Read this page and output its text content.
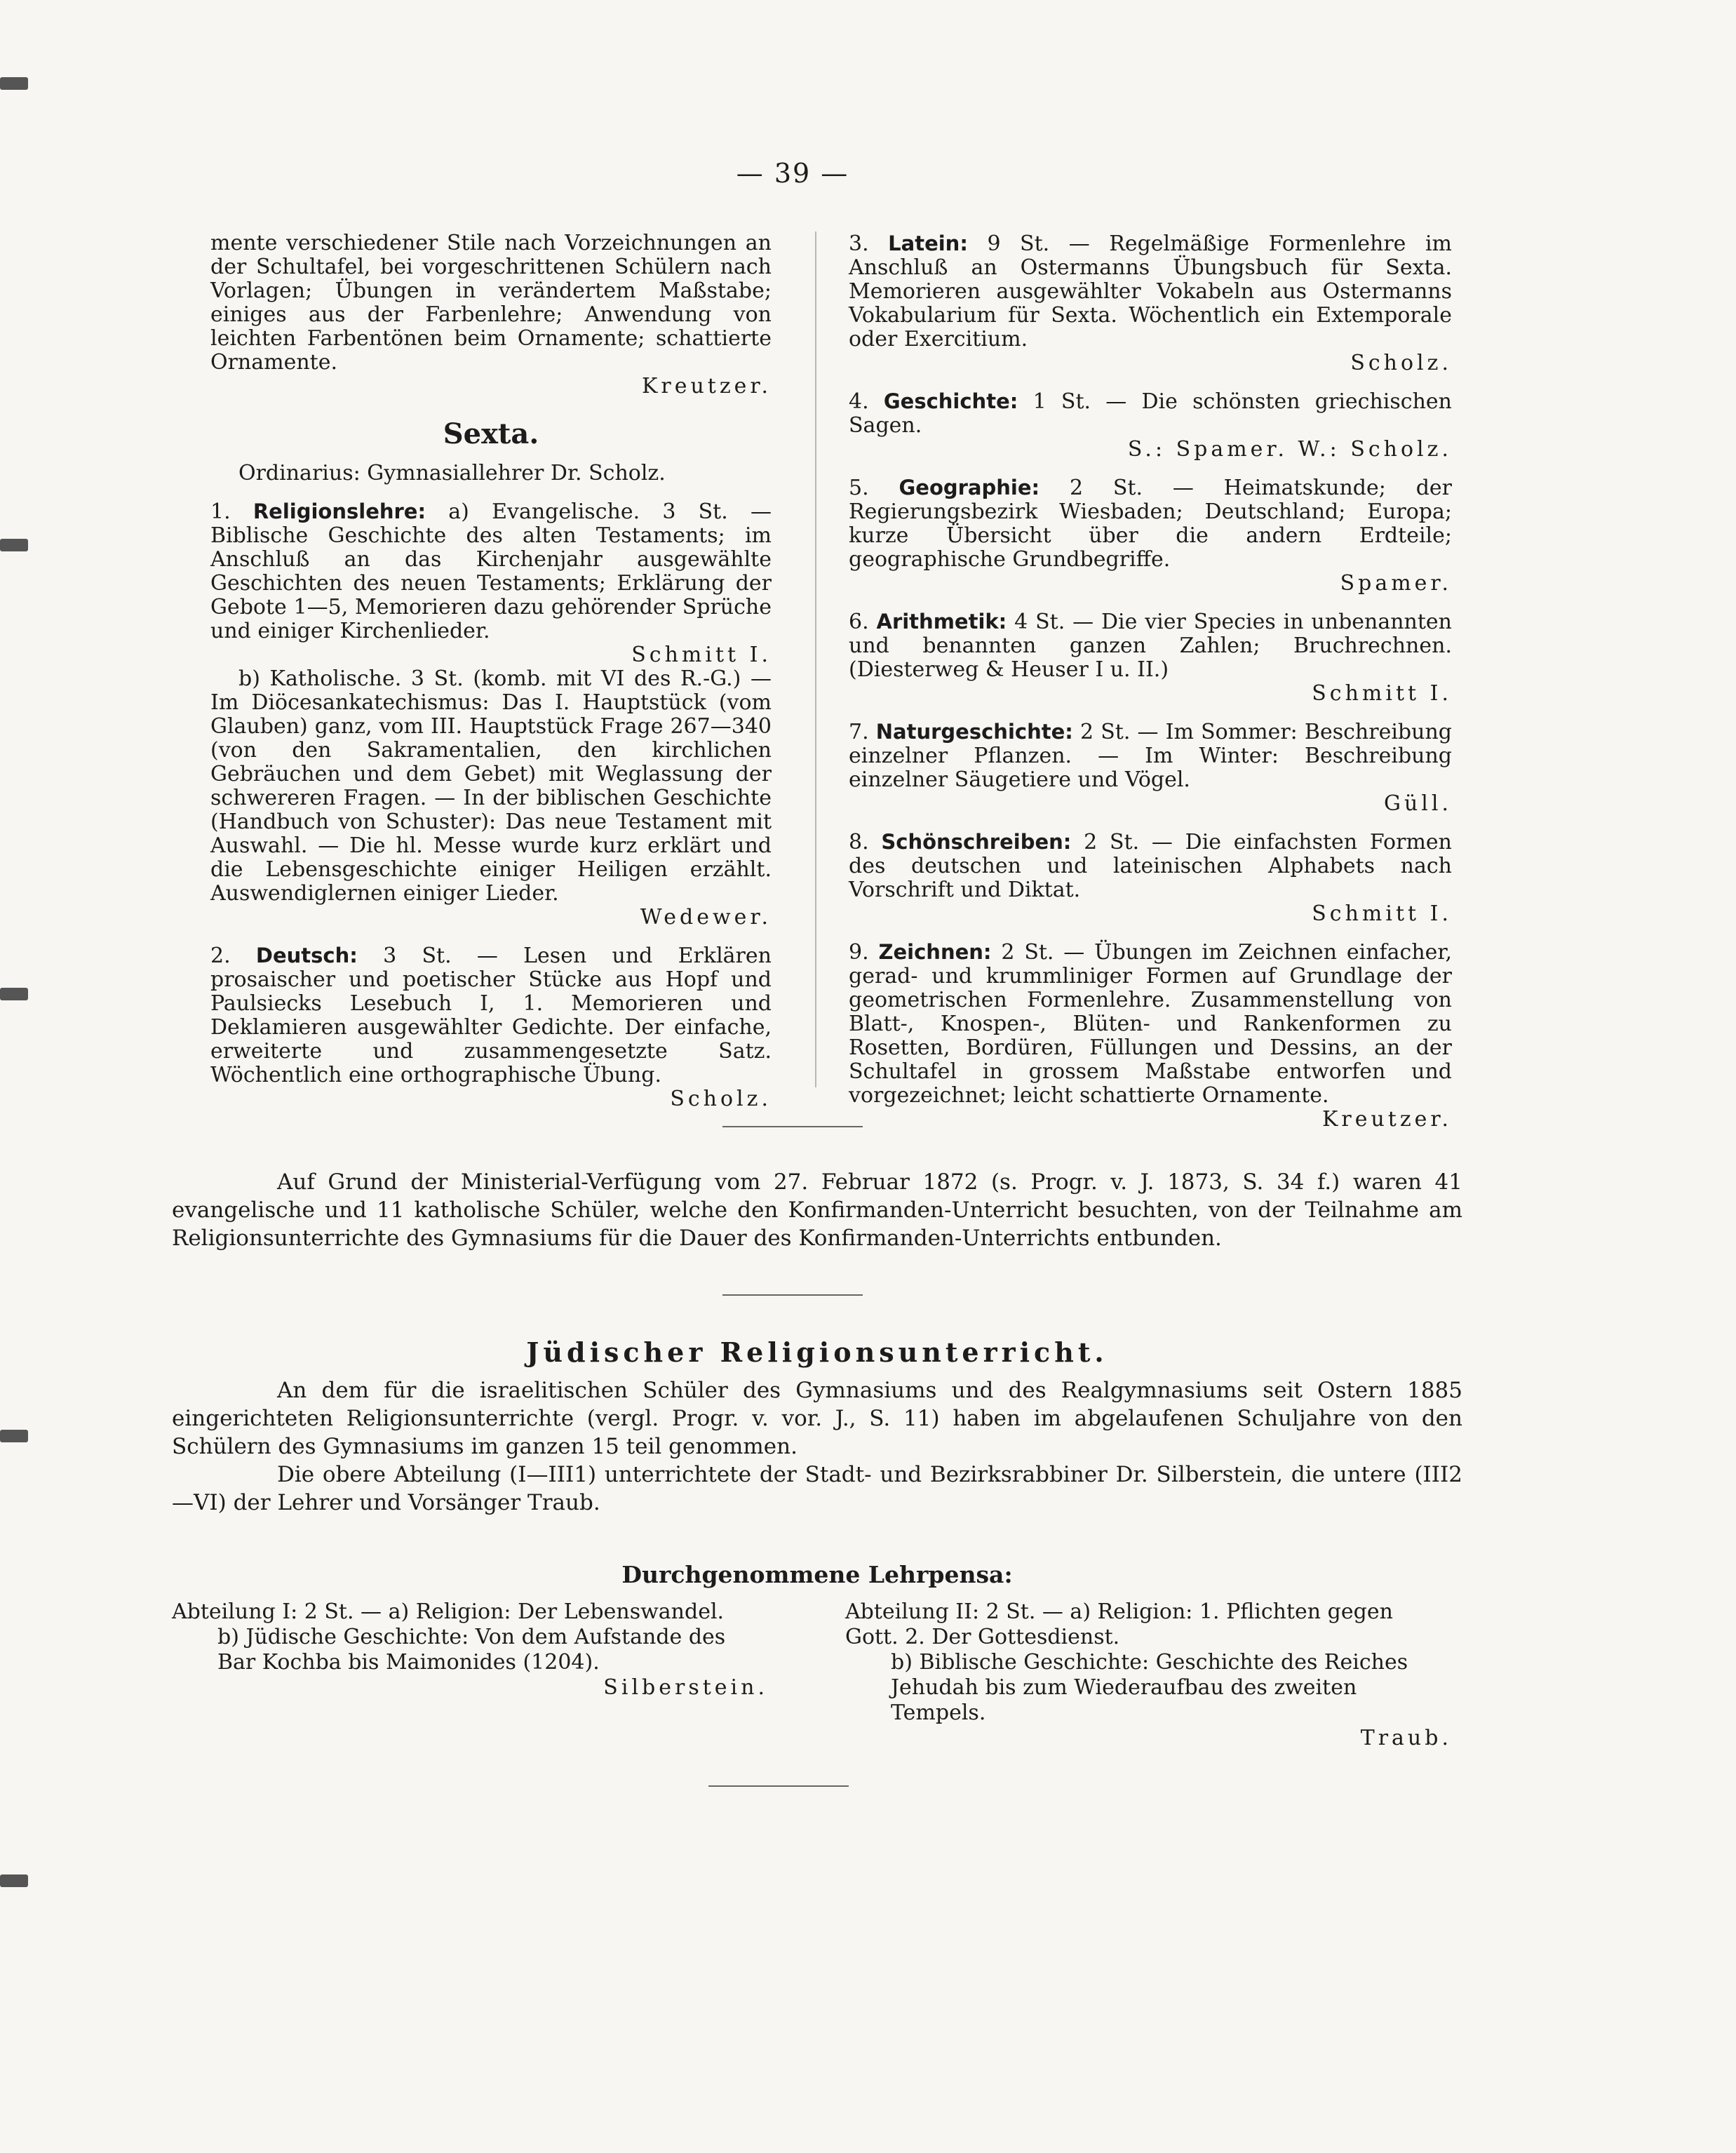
— 39 —

mente verschiedener Stile nach Vorzeichnungen an der Schultafel, bei vorgeschrittenen Schülern nach Vorlagen; Übungen in verändertem Maßstabe; einiges aus der Farbenlehre; Anwendung von leichten Farbentönen beim Ornamente; schattierte Ornamente.

Kreutzer.

Sexta.

Ordinarius: Gymnasiallehrer Dr. Scholz.

1. Religionslehre: a) Evangelische. 3 St. — Biblische Geschichte des alten Testaments; im Anschluß an das Kirchenjahr ausgewählte Geschichten des neuen Testaments; Erklärung der Gebote 1—5, Memorieren dazu gehörender Sprüche und einiger Kirchenlieder.

Schmitt I.

b) Katholische. 3 St. (komb. mit VI des R.-G.) — Im Diöcesankatechismus: Das I. Hauptstück (vom Glauben) ganz, vom III. Hauptstück Frage 267—340 (von den Sakramentalien, den kirchlichen Gebräuchen und dem Gebet) mit Weglassung der schwereren Fragen. — In der biblischen Geschichte (Handbuch von Schuster): Das neue Testament mit Auswahl. — Die hl. Messe wurde kurz erklärt und die Lebensgeschichte einiger Heiligen erzählt. Auswendiglernen einiger Lieder.

Wedewer.

2. Deutsch: 3 St. — Lesen und Erklären prosaischer und poetischer Stücke aus Hopf und Paulsiecks Lesebuch I, 1. Memorieren und Deklamieren ausgewählter Gedichte. Der einfache, erweiterte und zusammengesetzte Satz. Wöchentlich eine orthographische Übung.

Scholz.

3. Latein: 9 St. — Regelmäßige Formenlehre im Anschluß an Ostermanns Übungsbuch für Sexta. Memorieren ausgewählter Vokabeln aus Ostermanns Vokabularium für Sexta. Wöchentlich ein Extemporale oder Exercitium.

Scholz.

4. Geschichte: 1 St. — Die schönsten griechischen Sagen.

S.: Spamer. W.: Scholz.

5. Geographie: 2 St. — Heimatskunde; der Regierungsbezirk Wiesbaden; Deutschland; Europa; kurze Übersicht über die andern Erdteile; geographische Grundbegriffe.

Spamer.

6. Arithmetik: 4 St. — Die vier Species in unbenannten und benannten ganzen Zahlen; Bruchrechnen. (Diesterweg & Heuser I u. II.)

Schmitt I.

7. Naturgeschichte: 2 St. — Im Sommer: Beschreibung einzelner Pflanzen. — Im Winter: Beschreibung einzelner Säugetiere und Vögel.

Güll.

8. Schönschreiben: 2 St. — Die einfachsten Formen des deutschen und lateinischen Alphabets nach Vorschrift und Diktat.

Schmitt I.

9. Zeichnen: 2 St. — Übungen im Zeichnen einfacher, gerad- und krummliniger Formen auf Grundlage der geometrischen Formenlehre. Zusammenstellung von Blatt-, Knospen-, Blüten- und Rankenformen zu Rosetten, Bordüren, Füllungen und Dessins, an der Schultafel in grossem Maßstabe entworfen und vorgezeichnet; leicht schattierte Ornamente.

Kreutzer.

Auf Grund der Ministerial-Verfügung vom 27. Februar 1872 (s. Progr. v. J. 1873, S. 34 f.) waren 41 evangelische und 11 katholische Schüler, welche den Konfirmanden-Unterricht besuchten, von der Teilnahme am Religionsunterrichte des Gymnasiums für die Dauer des Konfirmanden-Unterrichts entbunden.

Jüdischer Religionsunterricht.

An dem für die israelitischen Schüler des Gymnasiums und des Realgymnasiums seit Ostern 1885 eingerichteten Religionsunterrichte (vergl. Progr. v. vor. J., S. 11) haben im abgelaufenen Schuljahre von den Schülern des Gymnasiums im ganzen 15 teil genommen.

Die obere Abteilung (I—III1) unterrichtete der Stadt- und Bezirksrabbiner Dr. Silberstein, die untere (III2—VI) der Lehrer und Vorsänger Traub.

Durchgenommene Lehrpensa:

Abteilung I: 2 St. — a) Religion: Der Lebenswandel.

b) Jüdische Geschichte: Von dem Aufstande des Bar Kochba bis Maimonides (1204).

Silberstein.

Abteilung II: 2 St. — a) Religion: 1. Pflichten gegen Gott. 2. Der Gottesdienst.

b) Biblische Geschichte: Geschichte des Reiches Jehudah bis zum Wiederaufbau des zweiten Tempels.

Traub.
